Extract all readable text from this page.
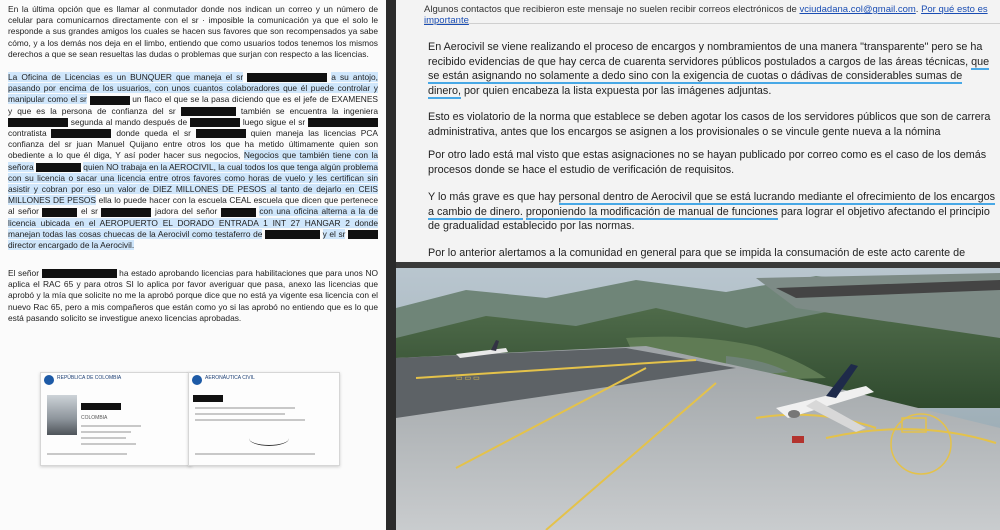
En la última opción que es llamar al conmutador donde nos indican un correo y un número de celular para comunicarnos directamente con el sr · imposible la comunicación ya que el solo le responde a sus grandes amigos los cuales se hacen sus favores que son recompensados ya sabe cómo, y a los demás nos deja en el limbo, entiendo que como usuarios todos tenemos los mismos derechos a que se sean resueltas las dudas o problemas que surjan con respecto a las licencias.

La Oficina de Licencias es un BUNQUER que maneja el sr	a su antojo, pasando por encima de los usuarios, con unos cuantos colaboradores que él puede controlar y manipular como el sr	un flaco el que se la pasa diciendo que es el jefe de EXAMENES y que es la persona de confianza del sr	también se encuentra la ingeniera  segunda al mando después de	luego sigue el sr  contratista	donde queda el sr	quien maneja las licencias PCA confianza del sr juan Manuel Quijano entre otros los que ha metido últimamente quien son obediente a lo que él diga, Y así poder hacer sus negocios, Negocios que también tiene con la señora	quien NO trabaja en la AEROCIVIL, la cual todos los que tenga algún problema con su licencia o sacar una licencia entre otros favores como horas de vuelo y les certifican sin asistir y cobran por eso un valor de DIEZ MILLONES DE PESOS al tanto de dejarlo en CEIS MILLONES DE PESOS ella lo puede hacer con la escuela CEAL escuela que dicen que pertenece al señor	el sr	jadora del señor	con una oficina alterna a la de licencia ubicada en el AEROPUERTO EL DORADO ENTRADA 1 INT 27 HANGAR 2 donde manejan todas las cosas chuecas de la Aerocivil como testaferro de	y el sr  director encargado de la Aerocivil.

El señor	ha estado aprobando licencias para habilitaciones que para unos NO aplica el RAC 65 y para otros SI lo aplica por favor averiguar que pasa, anexo las licencias que aprobó y la mía que solicite no me la aprobó porque dice que no está ya vigente esa licencia con el nuevo Rac 65, pero a mis compañeros que están como yo si las aprobó no entiendo que es lo que está pasando solicito se investigue anexo licencias aprobadas.

REPÚBLICA DE COLOMBIA
COLOMBIA
AERONÁUTICA CIVIL
Algunos contactos que recibieron este mensaje no suelen recibir correos electrónicos de vciudadana.col@gmail.com. Por qué esto es importante

En Aerocivil se viene realizando el proceso de encargos y nombramientos de una manera "transparente" pero se ha recibido evidencias de que hay cerca de cuarenta servidores públicos postulados a cargos de las áreas técnicas, que se están asignando no solamente a dedo sino con la exigencia de cuotas o dádivas de considerables sumas de dinero, por quien encabeza la lista expuesta por las imágenes adjuntas.

Esto es violatorio de la norma que establece se deben agotar los casos de los servidores públicos que son de carrera administrativa, antes que los encargos se asignen a los provisionales o se vincule gente nueva a la nómina

Por otro lado está mal visto que estas asignaciones no se hayan publicado por correo como es el caso de los demás procesos donde se hace el estudio de verificación de requisitos.

Y lo más grave es que hay personal dentro de Aerocivil que se está lucrando mediante el ofrecimiento de los encargos a cambio de dinero. proponiendo la modificación de manual de funciones para lograr el objetivo afectando el principio de gradualidad establecido por las normas.

Por lo anterior alertamos a la comunidad en general para que se impida la consumación de este acto carente de

▭ ▭ ▭
